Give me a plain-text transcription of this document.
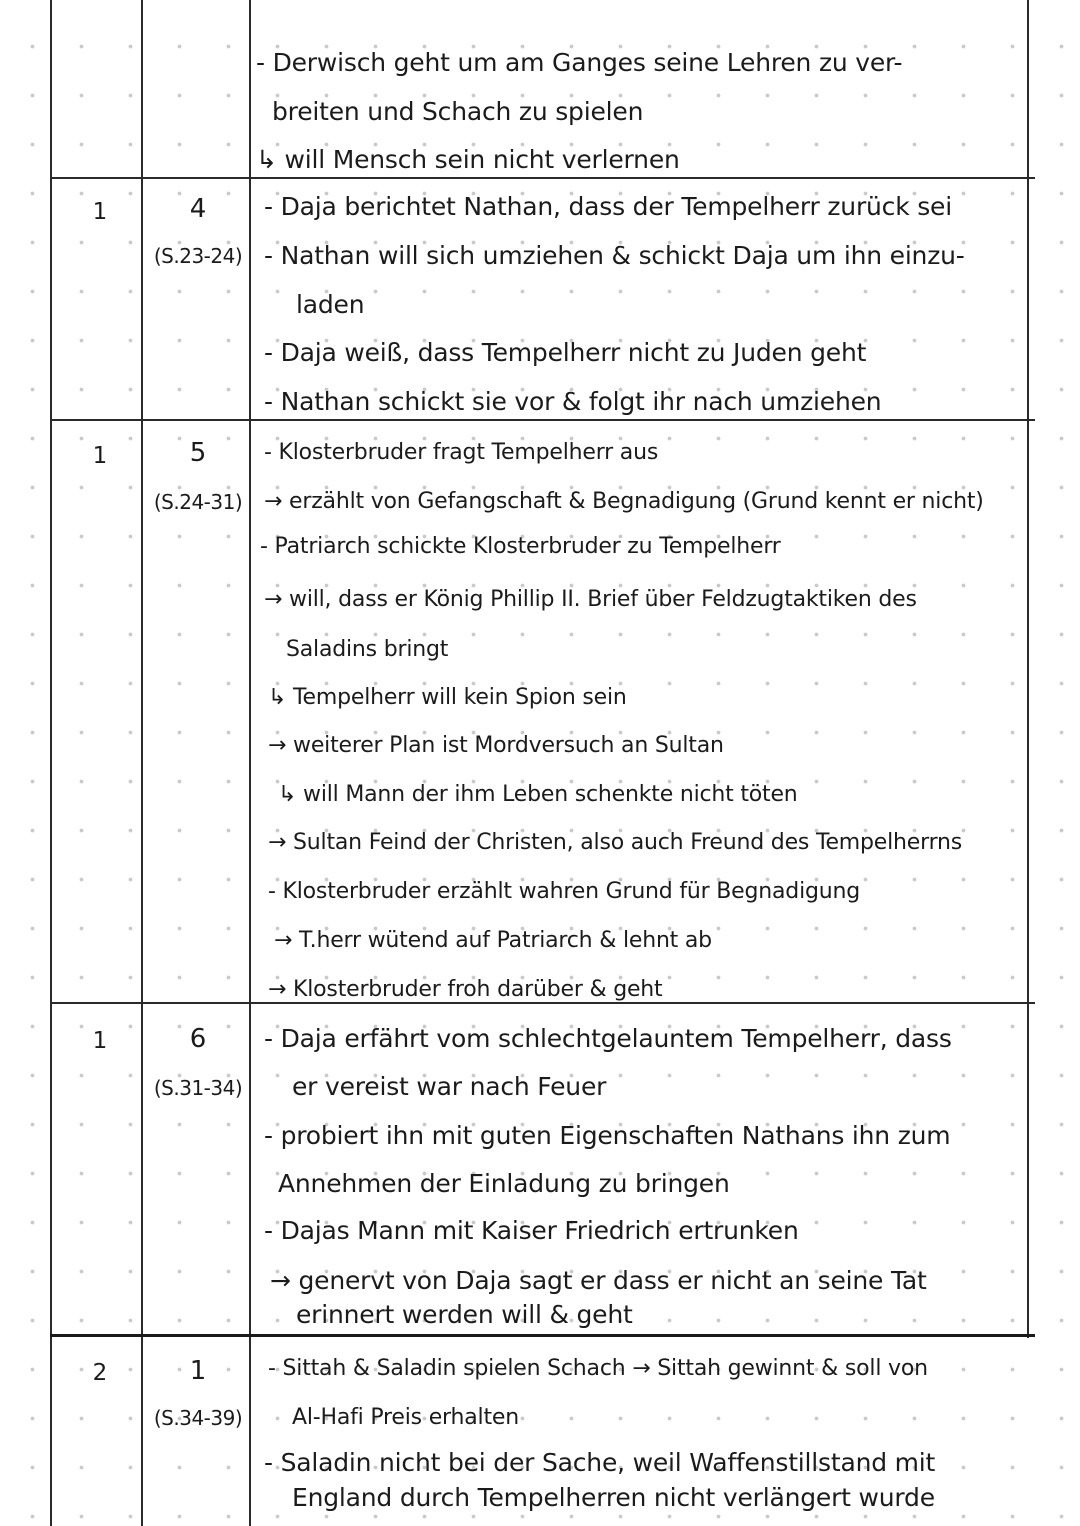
- Derwisch geht um am Ganges seine Lehren zu ver-
breiten und Schach zu spielen
↳ will Mensch sein nicht verlernen
1	4
(S.23-24)
- Daja berichtet Nathan, dass der Tempelherr zurück sei
- Nathan will sich umziehen & schickt Daja um ihn einzu-
laden
- Daja weiß, dass Tempelherr nicht zu Juden geht
- Nathan schickt sie vor & folgt ihr nach umziehen
1	5
(S.24-31)
- Klosterbruder fragt Tempelherr aus
→ erzählt von Gefangschaft & Begnadigung (Grund kennt er nicht)
- Patriarch schickte Klosterbruder zu Tempelherr
→ will, dass er König Phillip II. Brief über Feldzugtaktiken des
Saladins bringt
↳ Tempelherr will kein Spion sein
→ weiterer Plan ist Mordversuch an Sultan
↳ will Mann der ihm Leben schenkte nicht töten
→ Sultan Feind der Christen, also auch Freund des Tempelherrns
- Klosterbruder erzählt wahren Grund für Begnadigung
→ T.herr wütend auf Patriarch & lehnt ab
→ Klosterbruder froh darüber & geht
1	6
(S.31-34)
- Daja erfährt vom schlechtgelauntem Tempelherr, dass
er vereist war nach Feuer
- probiert ihn mit guten Eigenschaften Nathans ihn zum
Annehmen der Einladung zu bringen
- Dajas Mann mit Kaiser Friedrich ertrunken
→ genervt von Daja sagt er dass er nicht an seine Tat
erinnert werden will & geht
2	1
(S.34-39)
- Sittah & Saladin spielen Schach → Sittah gewinnt & soll von
Al-Hafi Preis erhalten
- Saladin nicht bei der Sache, weil Waffenstillstand mit
England durch Tempelherren nicht verlängert wurde
